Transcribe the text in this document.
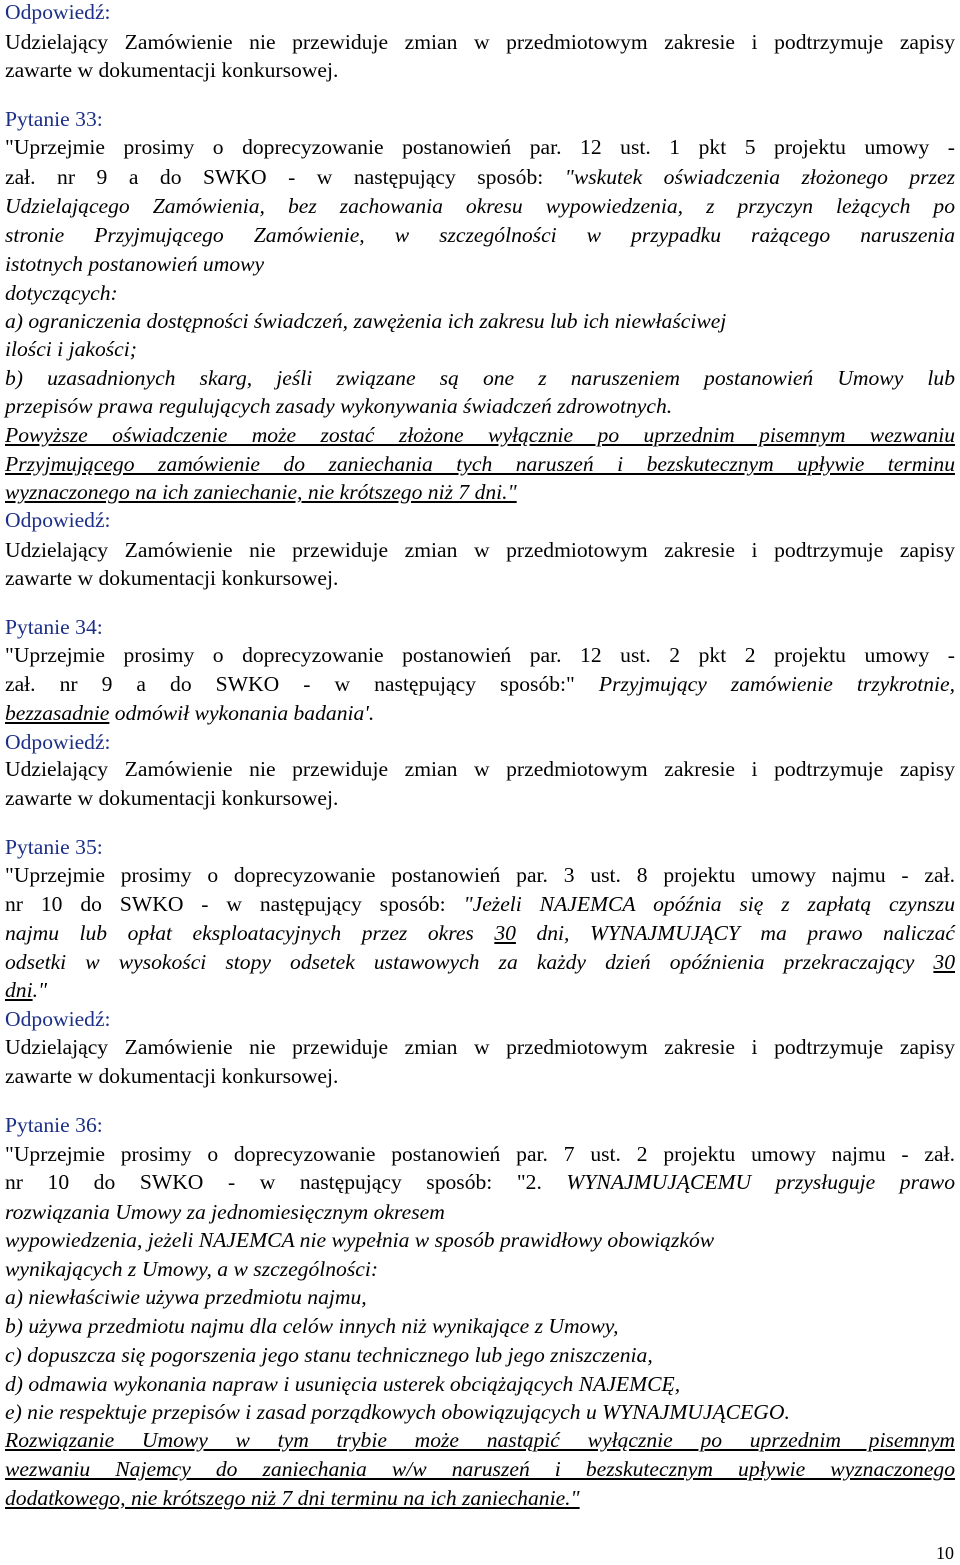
Odpowiedź:
Udzielający Zamówienie nie przewiduje zmian w przedmiotowym zakresie i podtrzymuje zapisy
zawarte w dokumentacji konkursowej.
Pytanie 33:
"Uprzejmie prosimy o doprecyzowanie postanowień par. 12 ust. 1 pkt 5 projektu umowy -
zał. nr 9 a do SWKO - w następujący sposób: "wskutek oświadczenia złożonego przez
Udzielającego Zamówienia, bez zachowania okresu wypowiedzenia, z przyczyn leżących po
stronie Przyjmującego Zamówienie, w szczególności w przypadku rażącego naruszenia
istotnych postanowień umowy
dotyczących:
a) ograniczenia dostępności świadczeń, zawężenia ich zakresu lub ich niewłaściwej
ilości i jakości;
b) uzasadnionych skarg, jeśli związane są one z naruszeniem postanowień Umowy lub
przepisów prawa regulujących zasady wykonywania świadczeń zdrowotnych.
Powyższe oświadczenie może zostać złożone wyłącznie po uprzednim pisemnym wezwaniu
Przyjmującego zamówienie do zaniechania tych naruszeń i bezskutecznym upływie terminu
wyznaczonego na ich zaniechanie, nie krótszego niż 7 dni."
Odpowiedź:
Udzielający Zamówienie nie przewiduje zmian w przedmiotowym zakresie i podtrzymuje zapisy
zawarte w dokumentacji konkursowej.
Pytanie 34:
"Uprzejmie prosimy o doprecyzowanie postanowień par. 12 ust. 2 pkt 2 projektu umowy -
zał. nr 9 a do SWKO - w następujący sposób:" Przyjmujący zamówienie trzykrotnie,
bezzasadnie odmówił wykonania badania'.
Odpowiedź:
Udzielający Zamówienie nie przewiduje zmian w przedmiotowym zakresie i podtrzymuje zapisy
zawarte w dokumentacji konkursowej.
Pytanie 35:
"Uprzejmie prosimy o doprecyzowanie postanowień par. 3 ust. 8 projektu umowy najmu - zał.
nr 10 do SWKO - w następujący sposób: "Jeżeli NAJEMCA opóźnia się z zapłatą czynszu
najmu lub opłat eksploatacyjnych przez okres 30 dni, WYNAJMUJĄCY ma prawo naliczać
odsetki w wysokości stopy odsetek ustawowych za każdy dzień opóźnienia przekraczający 30
dni."
Odpowiedź:
Udzielający Zamówienie nie przewiduje zmian w przedmiotowym zakresie i podtrzymuje zapisy
zawarte w dokumentacji konkursowej.
Pytanie 36:
"Uprzejmie prosimy o doprecyzowanie postanowień par. 7 ust. 2 projektu umowy najmu - zał.
nr 10 do SWKO - w następujący sposób: "2. WYNAJMUJĄCEMU przysługuje prawo
rozwiązania Umowy za jednomiesięcznym okresem
wypowiedzenia, jeżeli NAJEMCA nie wypełnia w sposób prawidłowy obowiązków
wynikających z Umowy, a w szczególności:
a) niewłaściwie używa przedmiotu najmu,
b) używa przedmiotu najmu dla celów innych niż wynikające z Umowy,
c) dopuszcza się pogorszenia jego stanu technicznego lub jego zniszczenia,
d) odmawia wykonania napraw i usunięcia usterek obciążających NAJEMCĘ,
e) nie respektuje przepisów i zasad porządkowych obowiązujących u WYNAJMUJĄCEGO.
Rozwiązanie Umowy w tym trybie może nastąpić wyłącznie po uprzednim pisemnym
wezwaniu Najemcy do zaniechania w/w naruszeń i bezskutecznym upływie wyznaczonego
dodatkowego, nie krótszego niż 7 dni terminu na ich zaniechanie."
10
